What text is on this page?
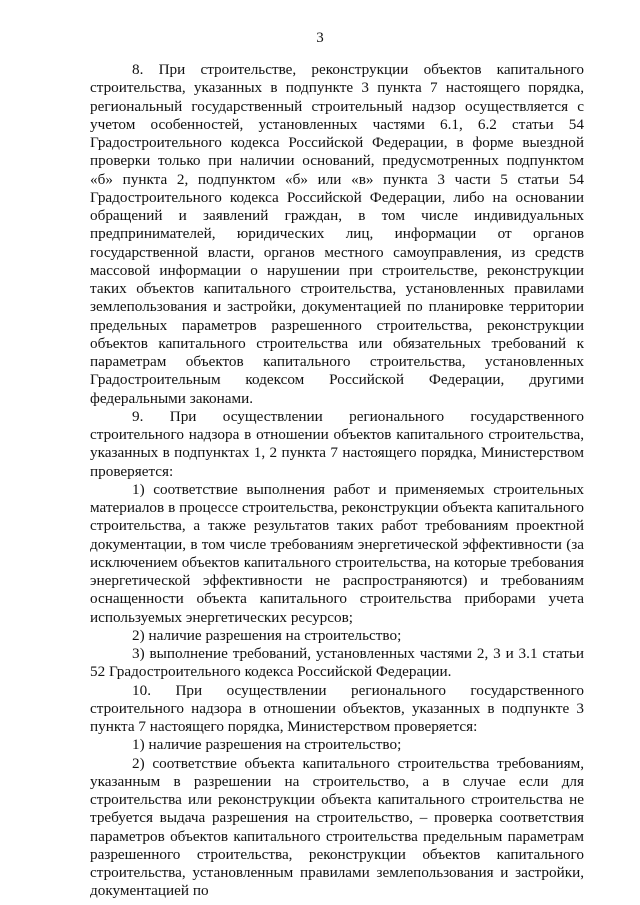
3

8. При строительстве, реконструкции объектов капитального строительства, указанных в подпункте 3 пункта 7 настоящего порядка, региональный государственный строительный надзор осуществляется с учетом особенностей, установленных частями 6.1, 6.2 статьи 54 Градостроительного кодекса Российской Федерации, в форме выездной проверки только при наличии оснований, предусмотренных подпунктом «б» пункта 2, подпунктом «б» или «в» пункта 3 части 5 статьи 54 Градостроительного кодекса Российской Федерации, либо на основании обращений и заявлений граждан, в том числе индивидуальных предпринимателей, юридических лиц, информации от органов государственной власти, органов местного самоуправления, из средств массовой информации о нарушении при строительстве, реконструкции таких объектов капитального строительства, установленных правилами землепользования и застройки, документацией по планировке территории предельных параметров разрешенного строительства, реконструкции объектов капитального строительства или обязательных требований к параметрам объектов капитального строительства, установленных Градостроительным кодексом Российской Федерации, другими федеральными законами.

9. При осуществлении регионального государственного строительного надзора в отношении объектов капитального строительства, указанных в подпунктах 1, 2 пункта 7 настоящего порядка, Министерством проверяется:

1) соответствие выполнения работ и применяемых строительных материалов в процессе строительства, реконструкции объекта капитального строительства, а также результатов таких работ требованиям проектной документации, в том числе требованиям энергетической эффективности (за исключением объектов капитального строительства, на которые требования энергетической эффективности не распространяются) и требованиям оснащенности объекта капитального строительства приборами учета используемых энергетических ресурсов;

2) наличие разрешения на строительство;

3) выполнение требований, установленных частями 2, 3 и 3.1 статьи 52 Градостроительного кодекса Российской Федерации.

10. При осуществлении регионального государственного строительного надзора в отношении объектов, указанных в подпункте 3 пункта 7 настоящего порядка, Министерством проверяется:

1) наличие разрешения на строительство;

2) соответствие объекта капитального строительства требованиям, указанным в разрешении на строительство, а в случае если для строительства или реконструкции объекта капитального строительства не требуется выдача разрешения на строительство, – проверка соответствия параметров объектов капитального строительства предельным параметрам разрешенного строительства, реконструкции объектов капитального строительства, установленным правилами землепользования и застройки, документацией по
